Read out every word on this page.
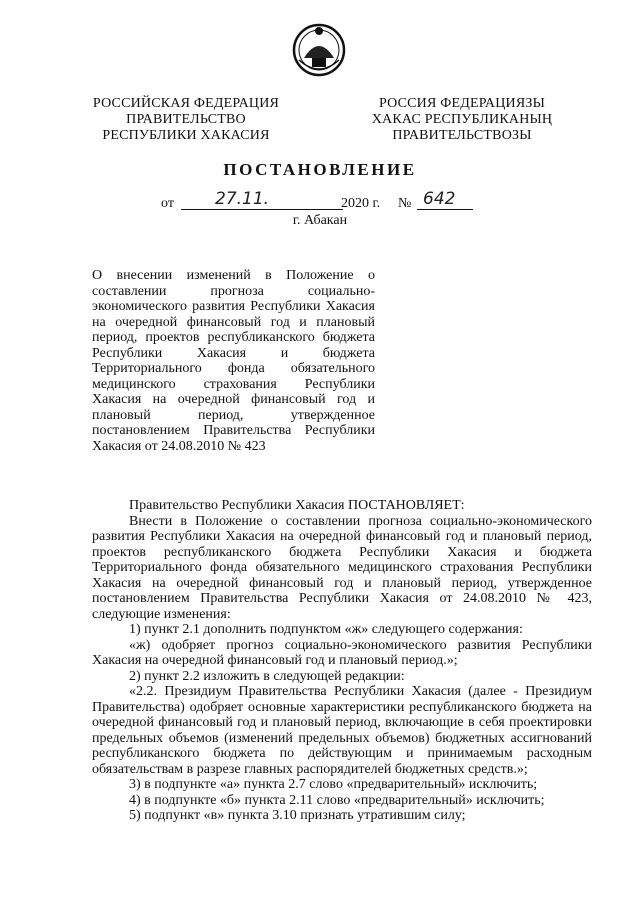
РОССИЙСКАЯ ФЕДЕРАЦИЯ
ПРАВИТЕЛЬСТВО
РЕСПУБЛИКИ ХАКАСИЯ
РОССИЯ ФЕДЕРАЦИЯЗЫ
ХАКАС РЕСПУБЛИКАНЫҢ
ПРАВИТЕЛЬСТВОЗЫ
ПОСТАНОВЛЕНИЕ
от 27.11.	2020 г. № 642
г. Абакан
О внесении изменений в Положение о составлении прогноза социально-экономического развития Республики Хакасия на очередной финансовый год и плановый период, проектов республиканского бюджета Республики Хакасия и бюджета Территориального фонда обязательного медицинского страхования Республики Хакасия на очередной финансовый год и плановый период, утвержденное постановлением Правительства Республики Хакасия от 24.08.2010 № 423

Правительство Республики Хакасия ПОСТАНОВЛЯЕТ:

Внести в Положение о составлении прогноза социально-экономического развития Республики Хакасия на очередной финансовый год и плановый период, проектов республиканского бюджета Республики Хакасия и бюджета Территориального фонда обязательного медицинского страхования Республики Хакасия на очередной финансовый год и плановый период, утвержденное постановлением Правительства Республики Хакасия от 24.08.2010 № 423, следующие изменения:

1) пункт 2.1 дополнить подпунктом «ж» следующего содержания:

«ж) одобряет прогноз социально-экономического развития Республики Хакасия на очередной финансовый год и плановый период.»;

2) пункт 2.2 изложить в следующей редакции:

«2.2. Президиум Правительства Республики Хакасия (далее - Президиум Правительства) одобряет основные характеристики республиканского бюджета на очередной финансовый год и плановый период, включающие в себя проектировки предельных объемов (изменений предельных объемов) бюджетных ассигнований республиканского бюджета по действующим и принимаемым расходным обязательствам в разрезе главных распорядителей бюджетных средств.»;

3) в подпункте «а» пункта 2.7 слово «предварительный» исключить;

4) в подпункте «б» пункта 2.11 слово «предварительный» исключить;

5) подпункт «в» пункта 3.10 признать утратившим силу;
